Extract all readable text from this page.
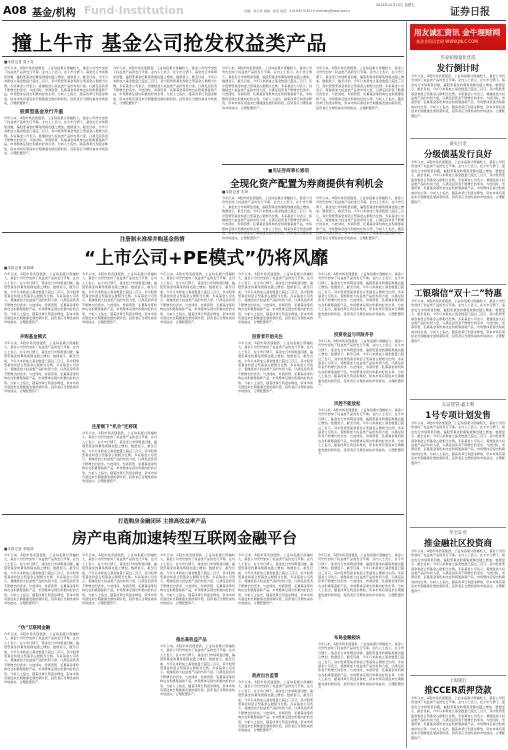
A08 基金/机构 Fund·Institution	2014年12月12日 星期五
责编：刘兴祥 美编：杨宏 电话：010-63070351 E-mail:zbs@zqrb.net.cn	证券日报
撞上牛市 基金公司抢发权益类产品
■本报记者 周小舟
今年以来，A股市场表现强劲，上证综指累计涨幅较大，基金公司纷纷加快了权益类产品的发行节奏。业内人士表示，在牛市行情下，基金发行市场明显回暖，偏股型基金的募集规模也随之增加。数据显示，截至目前，今年以来新成立基金数量已超过三百只，其中股票型基金和混合型基金占据相当比例。多家基金公司表示，将继续加大权益类产品的布局力度，以满足投资者不断增长的需求。与此同时，券商资管、私募基金等机构也在积极筹备新产品，市场整体呈现出积极向好的态势。分析人士指出，随着改革红利逐步释放，资本市场有望迎来长期健康发展的新阶段，投资者应当理性看待市场波动，合理配置资产。
股票型基金发行升温
今年以来，A股市场表现强劲，上证综指累计涨幅较大，基金公司纷纷加快了权益类产品的发行节奏。业内人士表示，在牛市行情下，基金发行市场明显回暖，偏股型基金的募集规模也随之增加。数据显示，截至目前，今年以来新成立基金数量已超过三百只，其中股票型基金和混合型基金占据相当比例。多家基金公司表示，将继续加大权益类产品的布局力度，以满足投资者不断增长的需求。与此同时，券商资管、私募基金等机构也在积极筹备新产品，市场整体呈现出积极向好的态势。分析人士指出，随着改革红利逐步释放，资本市场有望迎来长期健康发展的新阶段，投资者应当理性看待市场波动，合理配置资产。
今年以来，A股市场表现强劲，上证综指累计涨幅较大，基金公司纷纷加快了权益类产品的发行节奏。业内人士表示，在牛市行情下，基金发行市场明显回暖，偏股型基金的募集规模也随之增加。数据显示，截至目前，今年以来新成立基金数量已超过三百只，其中股票型基金和混合型基金占据相当比例。多家基金公司表示，将继续加大权益类产品的布局力度，以满足投资者不断增长的需求。与此同时，券商资管、私募基金等机构也在积极筹备新产品，市场整体呈现出积极向好的态势。分析人士指出，随着改革红利逐步释放，资本市场有望迎来长期健康发展的新阶段，投资者应当理性看待市场波动，合理配置资产。
今年以来，A股市场表现强劲，上证综指累计涨幅较大，基金公司纷纷加快了权益类产品的发行节奏。业内人士表示，在牛市行情下，基金发行市场明显回暖，偏股型基金的募集规模也随之增加。数据显示，截至目前，今年以来新成立基金数量已超过三百只，其中股票型基金和混合型基金占据相当比例。多家基金公司表示，将继续加大权益类产品的布局力度，以满足投资者不断增长的需求。与此同时，券商资管、私募基金等机构也在积极筹备新产品，市场整体呈现出积极向好的态势。分析人士指出，随着改革红利逐步释放，资本市场有望迎来长期健康发展的新阶段，投资者应当理性看待市场波动，合理配置资产。
今年以来，A股市场表现强劲，上证综指累计涨幅较大，基金公司纷纷加快了权益类产品的发行节奏。业内人士表示，在牛市行情下，基金发行市场明显回暖，偏股型基金的募集规模也随之增加。数据显示，截至目前，今年以来新成立基金数量已超过三百只，其中股票型基金和混合型基金占据相当比例。多家基金公司表示，将继续加大权益类产品的布局力度，以满足投资者不断增长的需求。与此同时，券商资管、私募基金等机构也在积极筹备新产品，市场整体呈现出积极向好的态势。分析人士指出，随着改革红利逐步释放，资本市场有望迎来长期健康发展的新阶段，投资者应当理性看待市场波动，合理配置资产。
■见证券商事长感语
全现化资产配置为券商提供有利机会
■本报记者 朱琦
今年以来，A股市场表现强劲，上证综指累计涨幅较大，基金公司纷纷加快了权益类产品的发行节奏。业内人士表示，在牛市行情下，基金发行市场明显回暖，偏股型基金的募集规模也随之增加。数据显示，截至目前，今年以来新成立基金数量已超过三百只，其中股票型基金和混合型基金占据相当比例。多家基金公司表示，将继续加大权益类产品的布局力度，以满足投资者不断增长的需求。与此同时，券商资管、私募基金等机构也在积极筹备新产品，市场整体呈现出积极向好的态势。分析人士指出，随着改革红利逐步释放，资本市场有望迎来长期健康发展的新阶段，投资者应当理性看待市场波动，合理配置资产。
今年以来，A股市场表现强劲，上证综指累计涨幅较大，基金公司纷纷加快了权益类产品的发行节奏。业内人士表示，在牛市行情下，基金发行市场明显回暖，偏股型基金的募集规模也随之增加。数据显示，截至目前，今年以来新成立基金数量已超过三百只，其中股票型基金和混合型基金占据相当比例。多家基金公司表示，将继续加大权益类产品的布局力度，以满足投资者不断增长的需求。与此同时，券商资管、私募基金等机构也在积极筹备新产品，市场整体呈现出积极向好的态势。分析人士指出，随着改革红利逐步释放，资本市场有望迎来长期健康发展的新阶段，投资者应当理性看待市场波动，合理配置资产。
注册制未准抑并购基金热情
“上市公司+PE模式”仍将风靡
■本报记者 窦莉峰
今年以来，A股市场表现强劲，上证综指累计涨幅较大，基金公司纷纷加快了权益类产品的发行节奏。业内人士表示，在牛市行情下，基金发行市场明显回暖，偏股型基金的募集规模也随之增加。数据显示，截至目前，今年以来新成立基金数量已超过三百只，其中股票型基金和混合型基金占据相当比例。多家基金公司表示，将继续加大权益类产品的布局力度，以满足投资者不断增长的需求。与此同时，券商资管、私募基金等机构也在积极筹备新产品，市场整体呈现出积极向好的态势。分析人士指出，随着改革红利逐步释放，资本市场有望迎来长期健康发展的新阶段，投资者应当理性看待市场波动，合理配置资产。
并购基金模式
今年以来，A股市场表现强劲，上证综指累计涨幅较大，基金公司纷纷加快了权益类产品的发行节奏。业内人士表示，在牛市行情下，基金发行市场明显回暖，偏股型基金的募集规模也随之增加。数据显示，截至目前，今年以来新成立基金数量已超过三百只，其中股票型基金和混合型基金占据相当比例。多家基金公司表示，将继续加大权益类产品的布局力度，以满足投资者不断增长的需求。与此同时，券商资管、私募基金等机构也在积极筹备新产品，市场整体呈现出积极向好的态势。分析人士指出，随着改革红利逐步释放，资本市场有望迎来长期健康发展的新阶段，投资者应当理性看待市场波动，合理配置资产。
今年以来，A股市场表现强劲，上证综指累计涨幅较大，基金公司纷纷加快了权益类产品的发行节奏。业内人士表示，在牛市行情下，基金发行市场明显回暖，偏股型基金的募集规模也随之增加。数据显示，截至目前，今年以来新成立基金数量已超过三百只，其中股票型基金和混合型基金占据相当比例。多家基金公司表示，将继续加大权益类产品的布局力度，以满足投资者不断增长的需求。与此同时，券商资管、私募基金等机构也在积极筹备新产品，市场整体呈现出积极向好的态势。分析人士指出，随着改革红利逐步释放，资本市场有望迎来长期健康发展的新阶段，投资者应当理性看待市场波动，合理配置资产。
注册制下“机会”还将现
今年以来，A股市场表现强劲，上证综指累计涨幅较大，基金公司纷纷加快了权益类产品的发行节奏。业内人士表示，在牛市行情下，基金发行市场明显回暖，偏股型基金的募集规模也随之增加。数据显示，截至目前，今年以来新成立基金数量已超过三百只，其中股票型基金和混合型基金占据相当比例。多家基金公司表示，将继续加大权益类产品的布局力度，以满足投资者不断增长的需求。与此同时，券商资管、私募基金等机构也在积极筹备新产品，市场整体呈现出积极向好的态势。分析人士指出，随着改革红利逐步释放，资本市场有望迎来长期健康发展的新阶段，投资者应当理性看待市场波动，合理配置资产。
今年以来，A股市场表现强劲，上证综指累计涨幅较大，基金公司纷纷加快了权益类产品的发行节奏。业内人士表示，在牛市行情下，基金发行市场明显回暖，偏股型基金的募集规模也随之增加。数据显示，截至目前，今年以来新成立基金数量已超过三百只，其中股票型基金和混合型基金占据相当比例。多家基金公司表示，将继续加大权益类产品的布局力度，以满足投资者不断增长的需求。与此同时，券商资管、私募基金等机构也在积极筹备新产品，市场整体呈现出积极向好的态势。分析人士指出，随着改革红利逐步释放，资本市场有望迎来长期健康发展的新阶段，投资者应当理性看待市场波动，合理配置资产。
今年以来，A股市场表现强劲，上证综指累计涨幅较大，基金公司纷纷加快了权益类产品的发行节奏。业内人士表示，在牛市行情下，基金发行市场明显回暖，偏股型基金的募集规模也随之增加。数据显示，截至目前，今年以来新成立基金数量已超过三百只，其中股票型基金和混合型基金占据相当比例。多家基金公司表示，将继续加大权益类产品的布局力度，以满足投资者不断增长的需求。与此同时，券商资管、私募基金等机构也在积极筹备新产品，市场整体呈现出积极向好的态势。分析人士指出，随着改革红利逐步释放，资本市场有望迎来长期健康发展的新阶段，投资者应当理性看待市场波动，合理配置资产。
投资者开始关注
今年以来，A股市场表现强劲，上证综指累计涨幅较大，基金公司纷纷加快了权益类产品的发行节奏。业内人士表示，在牛市行情下，基金发行市场明显回暖，偏股型基金的募集规模也随之增加。数据显示，截至目前，今年以来新成立基金数量已超过三百只，其中股票型基金和混合型基金占据相当比例。多家基金公司表示，将继续加大权益类产品的布局力度，以满足投资者不断增长的需求。与此同时，券商资管、私募基金等机构也在积极筹备新产品，市场整体呈现出积极向好的态势。分析人士指出，随着改革红利逐步释放，资本市场有望迎来长期健康发展的新阶段，投资者应当理性看待市场波动，合理配置资产。
今年以来，A股市场表现强劲，上证综指累计涨幅较大，基金公司纷纷加快了权益类产品的发行节奏。业内人士表示，在牛市行情下，基金发行市场明显回暖，偏股型基金的募集规模也随之增加。数据显示，截至目前，今年以来新成立基金数量已超过三百只，其中股票型基金和混合型基金占据相当比例。多家基金公司表示，将继续加大权益类产品的布局力度，以满足投资者不断增长的需求。与此同时，券商资管、私募基金等机构也在积极筹备新产品，市场整体呈现出积极向好的态势。分析人士指出，随着改革红利逐步释放，资本市场有望迎来长期健康发展的新阶段，投资者应当理性看待市场波动，合理配置资产。
投资收益与风险并存
今年以来，A股市场表现强劲，上证综指累计涨幅较大，基金公司纷纷加快了权益类产品的发行节奏。业内人士表示，在牛市行情下，基金发行市场明显回暖，偏股型基金的募集规模也随之增加。数据显示，截至目前，今年以来新成立基金数量已超过三百只，其中股票型基金和混合型基金占据相当比例。多家基金公司表示，将继续加大权益类产品的布局力度，以满足投资者不断增长的需求。与此同时，券商资管、私募基金等机构也在积极筹备新产品，市场整体呈现出积极向好的态势。分析人士指出，随着改革红利逐步释放，资本市场有望迎来长期健康发展的新阶段，投资者应当理性看待市场波动，合理配置资产。
风控不能放松
今年以来，A股市场表现强劲，上证综指累计涨幅较大，基金公司纷纷加快了权益类产品的发行节奏。业内人士表示，在牛市行情下，基金发行市场明显回暖，偏股型基金的募集规模也随之增加。数据显示，截至目前，今年以来新成立基金数量已超过三百只，其中股票型基金和混合型基金占据相当比例。多家基金公司表示，将继续加大权益类产品的布局力度，以满足投资者不断增长的需求。与此同时，券商资管、私募基金等机构也在积极筹备新产品，市场整体呈现出积极向好的态势。分析人士指出，随着改革红利逐步释放，资本市场有望迎来长期健康发展的新阶段，投资者应当理性看待市场波动，合理配置资产。
打造购房金融闭环 主推高收益率产品
房产电商加速转型互联网金融平台
■本报记者 李振珍
今年以来，A股市场表现强劲，上证综指累计涨幅较大，基金公司纷纷加快了权益类产品的发行节奏。业内人士表示，在牛市行情下，基金发行市场明显回暖，偏股型基金的募集规模也随之增加。数据显示，截至目前，今年以来新成立基金数量已超过三百只，其中股票型基金和混合型基金占据相当比例。多家基金公司表示，将继续加大权益类产品的布局力度，以满足投资者不断增长的需求。与此同时，券商资管、私募基金等机构也在积极筹备新产品，市场整体呈现出积极向好的态势。分析人士指出，随着改革红利逐步释放，资本市场有望迎来长期健康发展的新阶段，投资者应当理性看待市场波动，合理配置资产。
“伪”互联网金融
今年以来，A股市场表现强劲，上证综指累计涨幅较大，基金公司纷纷加快了权益类产品的发行节奏。业内人士表示，在牛市行情下，基金发行市场明显回暖，偏股型基金的募集规模也随之增加。数据显示，截至目前，今年以来新成立基金数量已超过三百只，其中股票型基金和混合型基金占据相当比例。多家基金公司表示，将继续加大权益类产品的布局力度，以满足投资者不断增长的需求。与此同时，券商资管、私募基金等机构也在积极筹备新产品，市场整体呈现出积极向好的态势。分析人士指出，随着改革红利逐步释放，资本市场有望迎来长期健康发展的新阶段，投资者应当理性看待市场波动，合理配置资产。
今年以来，A股市场表现强劲，上证综指累计涨幅较大，基金公司纷纷加快了权益类产品的发行节奏。业内人士表示，在牛市行情下，基金发行市场明显回暖，偏股型基金的募集规模也随之增加。数据显示，截至目前，今年以来新成立基金数量已超过三百只，其中股票型基金和混合型基金占据相当比例。多家基金公司表示，将继续加大权益类产品的布局力度，以满足投资者不断增长的需求。与此同时，券商资管、私募基金等机构也在积极筹备新产品，市场整体呈现出积极向好的态势。分析人士指出，随着改革红利逐步释放，资本市场有望迎来长期健康发展的新阶段，投资者应当理性看待市场波动，合理配置资产。
今年以来，A股市场表现强劲，上证综指累计涨幅较大，基金公司纷纷加快了权益类产品的发行节奏。业内人士表示，在牛市行情下，基金发行市场明显回暖，偏股型基金的募集规模也随之增加。数据显示，截至目前，今年以来新成立基金数量已超过三百只，其中股票型基金和混合型基金占据相当比例。多家基金公司表示，将继续加大权益类产品的布局力度，以满足投资者不断增长的需求。与此同时，券商资管、私募基金等机构也在积极筹备新产品，市场整体呈现出积极向好的态势。分析人士指出，随着改革红利逐步释放，资本市场有望迎来长期健康发展的新阶段，投资者应当理性看待市场波动，合理配置资产。
推出高收益产品
今年以来，A股市场表现强劲，上证综指累计涨幅较大，基金公司纷纷加快了权益类产品的发行节奏。业内人士表示，在牛市行情下，基金发行市场明显回暖，偏股型基金的募集规模也随之增加。数据显示，截至目前，今年以来新成立基金数量已超过三百只，其中股票型基金和混合型基金占据相当比例。多家基金公司表示，将继续加大权益类产品的布局力度，以满足投资者不断增长的需求。与此同时，券商资管、私募基金等机构也在积极筹备新产品，市场整体呈现出积极向好的态势。分析人士指出，随着改革红利逐步释放，资本市场有望迎来长期健康发展的新阶段，投资者应当理性看待市场波动，合理配置资产。
今年以来，A股市场表现强劲，上证综指累计涨幅较大，基金公司纷纷加快了权益类产品的发行节奏。业内人士表示，在牛市行情下，基金发行市场明显回暖，偏股型基金的募集规模也随之增加。数据显示，截至目前，今年以来新成立基金数量已超过三百只，其中股票型基金和混合型基金占据相当比例。多家基金公司表示，将继续加大权益类产品的布局力度，以满足投资者不断增长的需求。与此同时，券商资管、私募基金等机构也在积极筹备新产品，市场整体呈现出积极向好的态势。分析人士指出，随着改革红利逐步释放，资本市场有望迎来长期健康发展的新阶段，投资者应当理性看待市场波动，合理配置资产。
政府出台监管
今年以来，A股市场表现强劲，上证综指累计涨幅较大，基金公司纷纷加快了权益类产品的发行节奏。业内人士表示，在牛市行情下，基金发行市场明显回暖，偏股型基金的募集规模也随之增加。数据显示，截至目前，今年以来新成立基金数量已超过三百只，其中股票型基金和混合型基金占据相当比例。多家基金公司表示，将继续加大权益类产品的布局力度，以满足投资者不断增长的需求。与此同时，券商资管、私募基金等机构也在积极筹备新产品，市场整体呈现出积极向好的态势。分析人士指出，随着改革红利逐步释放，资本市场有望迎来长期健康发展的新阶段，投资者应当理性看待市场波动，合理配置资产。
今年以来，A股市场表现强劲，上证综指累计涨幅较大，基金公司纷纷加快了权益类产品的发行节奏。业内人士表示，在牛市行情下，基金发行市场明显回暖，偏股型基金的募集规模也随之增加。数据显示，截至目前，今年以来新成立基金数量已超过三百只，其中股票型基金和混合型基金占据相当比例。多家基金公司表示，将继续加大权益类产品的布局力度，以满足投资者不断增长的需求。与此同时，券商资管、私募基金等机构也在积极筹备新产品，市场整体呈现出积极向好的态势。分析人士指出，随着改革红利逐步释放，资本市场有望迎来长期健康发展的新阶段，投资者应当理性看待市场波动，合理配置资产。
布局金融板块
今年以来，A股市场表现强劲，上证综指累计涨幅较大，基金公司纷纷加快了权益类产品的发行节奏。业内人士表示，在牛市行情下，基金发行市场明显回暖，偏股型基金的募集规模也随之增加。数据显示，截至目前，今年以来新成立基金数量已超过三百只，其中股票型基金和混合型基金占据相当比例。多家基金公司表示，将继续加大权益类产品的布局力度，以满足投资者不断增长的需求。与此同时，券商资管、私募基金等机构也在积极筹备新产品，市场整体呈现出积极向好的态势。分析人士指出，随着改革红利逐步释放，资本市场有望迎来长期健康发展的新阶段，投资者应当理性看待市场波动，合理配置资产。
用友诚汇资讯 金牛理财网
基金业资讯官网 WWW.JNLC.COM
华泰柏瑞量化优选
发行倒计时
今年以来，A股市场表现强劲，上证综指累计涨幅较大，基金公司纷纷加快了权益类产品的发行节奏。业内人士表示，在牛市行情下，基金发行市场明显回暖，偏股型基金的募集规模也随之增加。数据显示，截至目前，今年以来新成立基金数量已超过三百只，其中股票型基金和混合型基金占据相当比例。多家基金公司表示，将继续加大权益类产品的布局力度，以满足投资者不断增长的需求。与此同时，券商资管、私募基金等机构也在积极筹备新产品，市场整体呈现出积极向好的态势。分析人士指出，随着改革红利逐步释放，资本市场有望迎来长期健康发展的新阶段，投资者应当理性看待市场波动，合理配置资产。
嘉实白金
分级债基发行良好
今年以来，A股市场表现强劲，上证综指累计涨幅较大，基金公司纷纷加快了权益类产品的发行节奏。业内人士表示，在牛市行情下，基金发行市场明显回暖，偏股型基金的募集规模也随之增加。数据显示，截至目前，今年以来新成立基金数量已超过三百只，其中股票型基金和混合型基金占据相当比例。多家基金公司表示，将继续加大权益类产品的布局力度，以满足投资者不断增长的需求。与此同时，券商资管、私募基金等机构也在积极筹备新产品，市场整体呈现出积极向好的态势。分析人士指出，随着改革红利逐步释放，资本市场有望迎来长期健康发展的新阶段，投资者应当理性看待市场波动，合理配置资产。
工银瑞信“双十二”特惠
今年以来，A股市场表现强劲，上证综指累计涨幅较大，基金公司纷纷加快了权益类产品的发行节奏。业内人士表示，在牛市行情下，基金发行市场明显回暖，偏股型基金的募集规模也随之增加。数据显示，截至目前，今年以来新成立基金数量已超过三百只，其中股票型基金和混合型基金占据相当比例。多家基金公司表示，将继续加大权益类产品的布局力度，以满足投资者不断增长的需求。与此同时，券商资管、私募基金等机构也在积极筹备新产品，市场整体呈现出积极向好的态势。分析人士指出，随着改革红利逐步释放，资本市场有望迎来长期健康发展的新阶段，投资者应当理性看待市场波动，合理配置资产。
东证资管-鑫丰利
1号专项计划发售
今年以来，A股市场表现强劲，上证综指累计涨幅较大，基金公司纷纷加快了权益类产品的发行节奏。业内人士表示，在牛市行情下，基金发行市场明显回暖，偏股型基金的募集规模也随之增加。数据显示，截至目前，今年以来新成立基金数量已超过三百只，其中股票型基金和混合型基金占据相当比例。多家基金公司表示，将继续加大权益类产品的布局力度，以满足投资者不断增长的需求。与此同时，券商资管、私募基金等机构也在积极筹备新产品，市场整体呈现出积极向好的态势。分析人士指出，随着改革红利逐步释放，资本市场有望迎来长期健康发展的新阶段，投资者应当理性看待市场波动，合理配置资产。
华宝证券
推金融社区投资商
今年以来，A股市场表现强劲，上证综指累计涨幅较大，基金公司纷纷加快了权益类产品的发行节奏。业内人士表示，在牛市行情下，基金发行市场明显回暖，偏股型基金的募集规模也随之增加。数据显示，截至目前，今年以来新成立基金数量已超过三百只，其中股票型基金和混合型基金占据相当比例。多家基金公司表示，将继续加大权益类产品的布局力度，以满足投资者不断增长的需求。与此同时，券商资管、私募基金等机构也在积极筹备新产品，市场整体呈现出积极向好的态势。分析人士指出，随着改革红利逐步释放，资本市场有望迎来长期健康发展的新阶段，投资者应当理性看待市场波动，合理配置资产。
上海银行
推CCER质押贷款
今年以来，A股市场表现强劲，上证综指累计涨幅较大，基金公司纷纷加快了权益类产品的发行节奏。业内人士表示，在牛市行情下，基金发行市场明显回暖，偏股型基金的募集规模也随之增加。数据显示，截至目前，今年以来新成立基金数量已超过三百只，其中股票型基金和混合型基金占据相当比例。多家基金公司表示，将继续加大权益类产品的布局力度，以满足投资者不断增长的需求。与此同时，券商资管、私募基金等机构也在积极筹备新产品，市场整体呈现出积极向好的态势。分析人士指出，随着改革红利逐步释放，资本市场有望迎来长期健康发展的新阶段，投资者应当理性看待市场波动，合理配置资产。
